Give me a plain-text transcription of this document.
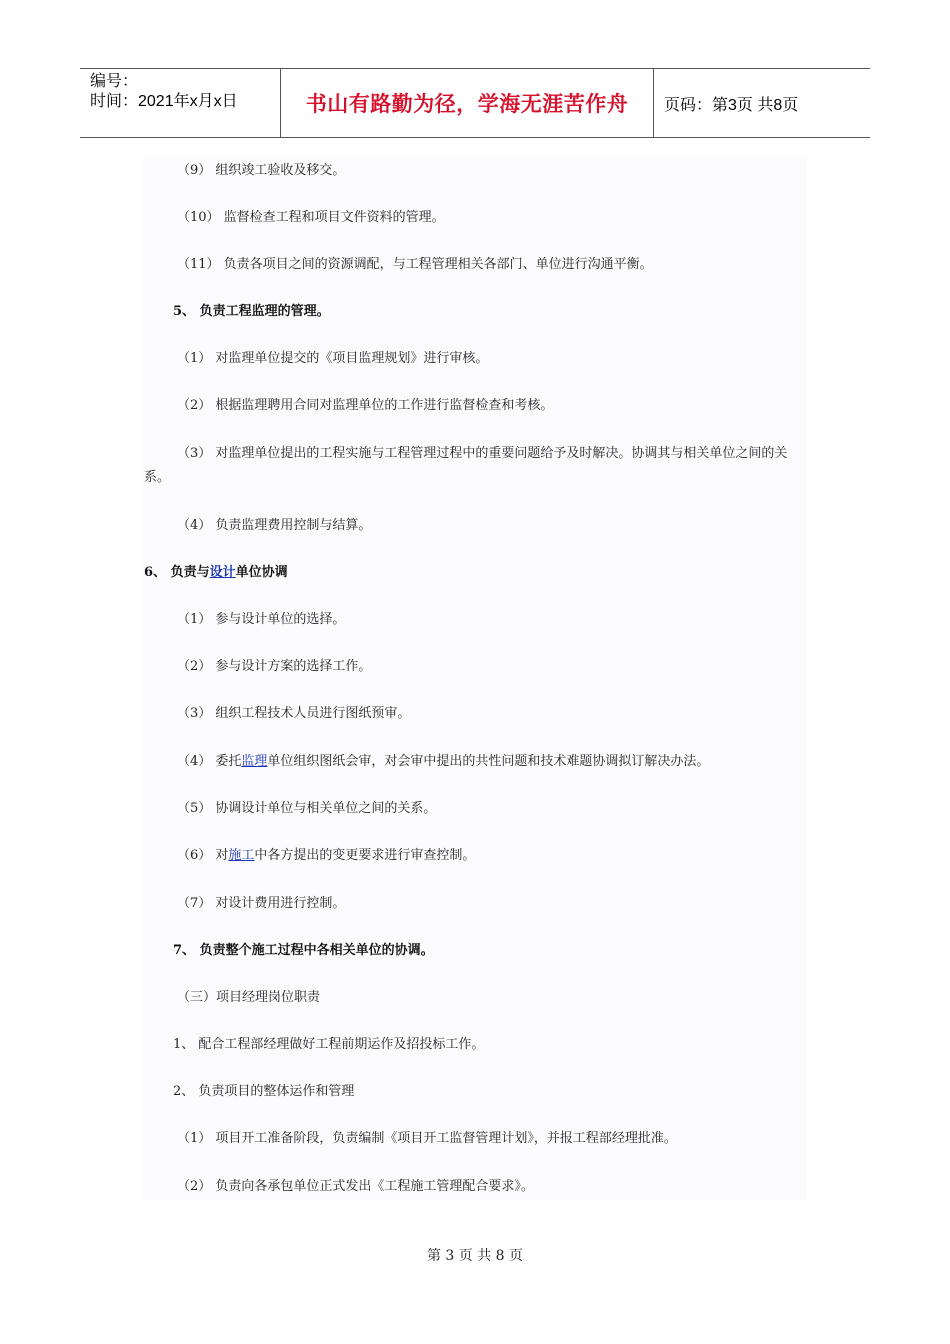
编号：
时间：2021年x月x日	书山有路勤为径，学海无涯苦作舟 页码：第3页 共8页
（9） 组织竣工验收及移交。
（10） 监督检查工程和项目文件资料的管理。
（11） 负责各项目之间的资源调配，与工程管理相关各部门、单位进行沟通平衡。
5、 负责工程监理的管理。
（1） 对监理单位提交的《项目监理规划》进行审核。
（2） 根据监理聘用合同对监理单位的工作进行监督检查和考核。
（3） 对监理单位提出的工程实施与工程管理过程中的重要问题给予及时解决。协调其与相关单位之间的关系。
（4） 负责监理费用控制与结算。
6、 负责与设计单位协调
（1） 参与设计单位的选择。
（2） 参与设计方案的选择工作。
（3） 组织工程技术人员进行图纸预审。
（4） 委托监理单位组织图纸会审，对会审中提出的共性问题和技术难题协调拟订解决办法。
（5） 协调设计单位与相关单位之间的关系。
（6） 对施工中各方提出的变更要求进行审查控制。
（7） 对设计费用进行控制。
7、 负责整个施工过程中各相关单位的协调。
（三）项目经理岗位职责
1、 配合工程部经理做好工程前期运作及招投标工作。
2、 负责项目的整体运作和管理
（1） 项目开工准备阶段，负责编制《项目开工监督管理计划》，并报工程部经理批准。
（2） 负责向各承包单位正式发出《工程施工管理配合要求》。
第 3 页 共 8 页
